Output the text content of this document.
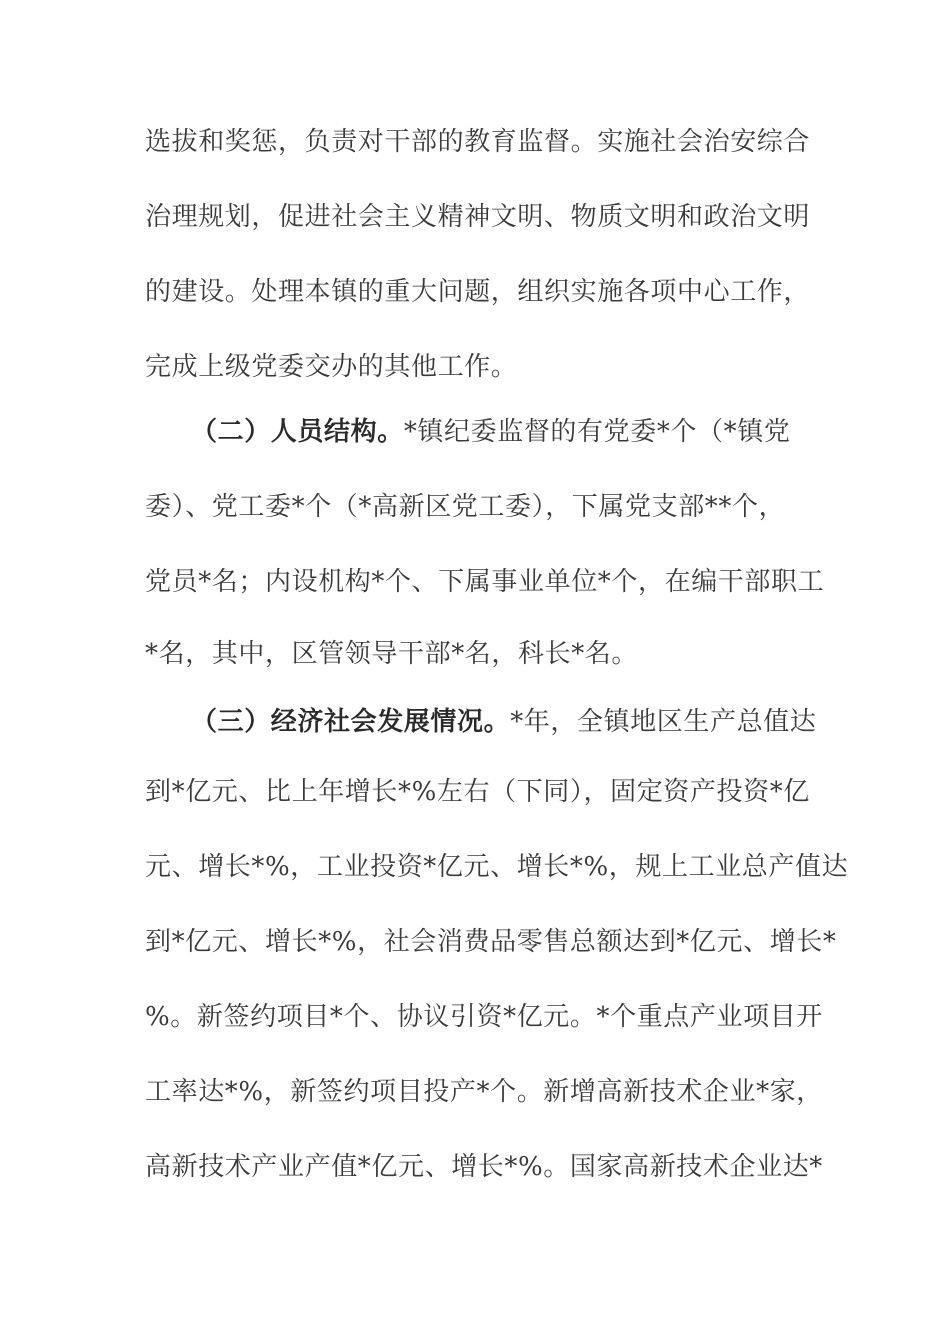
选拔和奖惩，负责对干部的教育监督。实施社会治安综合
治理规划，促进社会主义精神文明、物质文明和政治文明
的建设。处理本镇的重大问题，组织实施各项中心工作，
完成上级党委交办的其他工作。
（二）人员结构。*镇纪委监督的有党委*个（*镇党
委）、党工委*个（*高新区党工委），下属党支部**个，
党员*名；内设机构*个、下属事业单位*个，在编干部职工
*名，其中，区管领导干部*名，科长*名。
（三）经济社会发展情况。*年，全镇地区生产总值达
到*亿元、比上年增长*%左右（下同），固定资产投资*亿
元、增长*%，工业投资*亿元、增长*%，规上工业总产值达
到*亿元、增长*%，社会消费品零售总额达到*亿元、增长*
%。新签约项目*个、协议引资*亿元。*个重点产业项目开
工率达*%，新签约项目投产*个。新增高新技术企业*家，
高新技术产业产值*亿元、增长*%。国家高新技术企业达*
